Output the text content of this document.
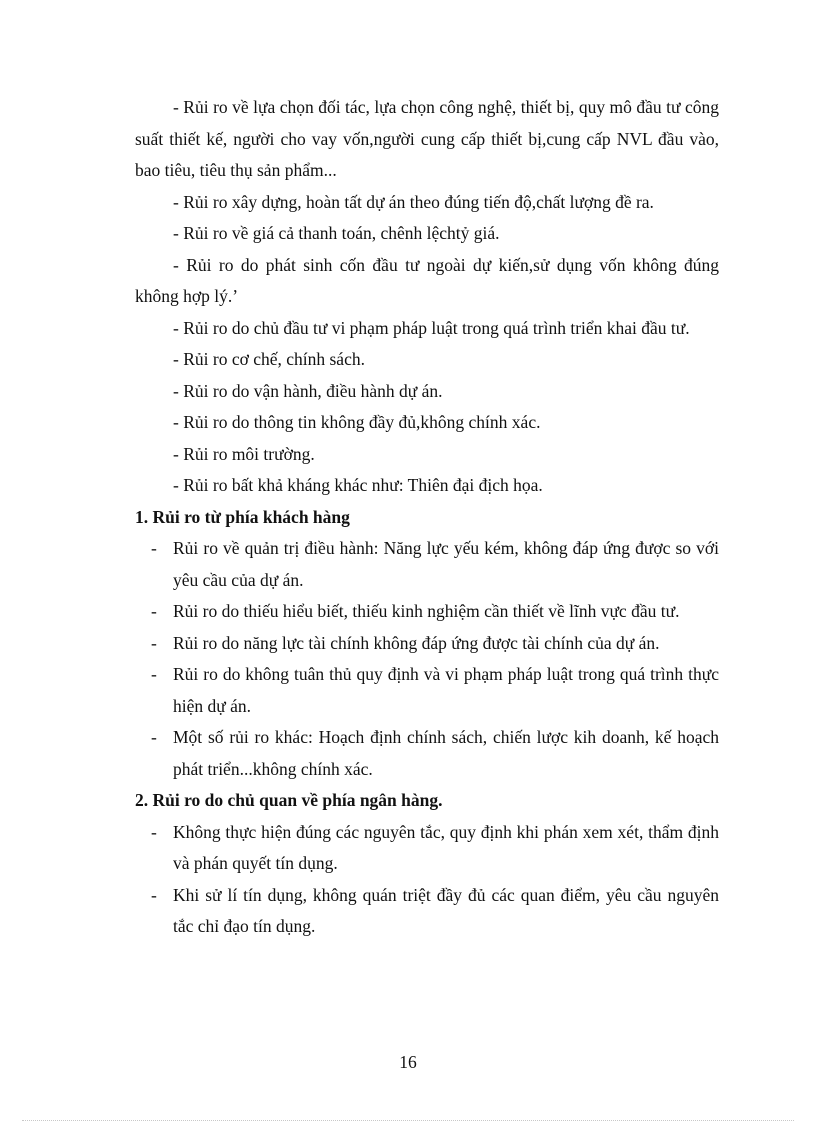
- Rủi ro về lựa chọn đối tác, lựa chọn công nghệ, thiết bị, quy mô đầu tư công suất thiết kế, người cho vay vốn,người cung cấp thiết bị,cung cấp NVL đầu vào, bao tiêu, tiêu thụ sản phẩm...

- Rủi ro xây dựng, hoàn tất dự án theo đúng tiến độ,chất lượng đề ra.

- Rủi ro về giá cả thanh toán, chênh lệchtỷ giá.

- Rủi ro do phát sinh cốn đầu tư ngoài dự kiến,sử dụng vốn không đúng không hợp lý.’

- Rủi ro do chủ đầu tư vi phạm pháp luật trong quá trình triển khai đầu tư.

- Rủi ro cơ chế, chính sách.

- Rủi ro do vận hành, điều hành dự án.

- Rủi ro do thông tin không đầy đủ,không chính xác.

- Rủi ro môi trường.

- Rủi ro bất khả kháng khác như: Thiên đại địch họa.

1. Rủi ro từ phía khách hàng

- Rủi ro về quản trị điều hành: Năng lực yếu kém, không đáp ứng được so với yêu cầu của dự án.
- Rủi ro do thiếu hiểu biết, thiếu kinh nghiệm cần thiết về lĩnh vực đầu tư.
- Rủi ro do năng lực tài chính không đáp ứng được tài chính của dự án.
- Rủi ro do không tuân thủ quy định và vi phạm pháp luật trong quá trình thực hiện dự án.
- Một số rủi ro khác: Hoạch định chính sách, chiến lược kih doanh, kế hoạch phát triển...không chính xác.

2. Rủi ro do chủ quan về phía ngân hàng.

- Không thực hiện đúng các nguyên tắc, quy định khi phán xem xét, thẩm định và phán quyết tín dụng.
- Khi sử lí tín dụng, không quán triệt đầy đủ các quan điểm, yêu cầu nguyên tắc chỉ đạo tín dụng.
16
